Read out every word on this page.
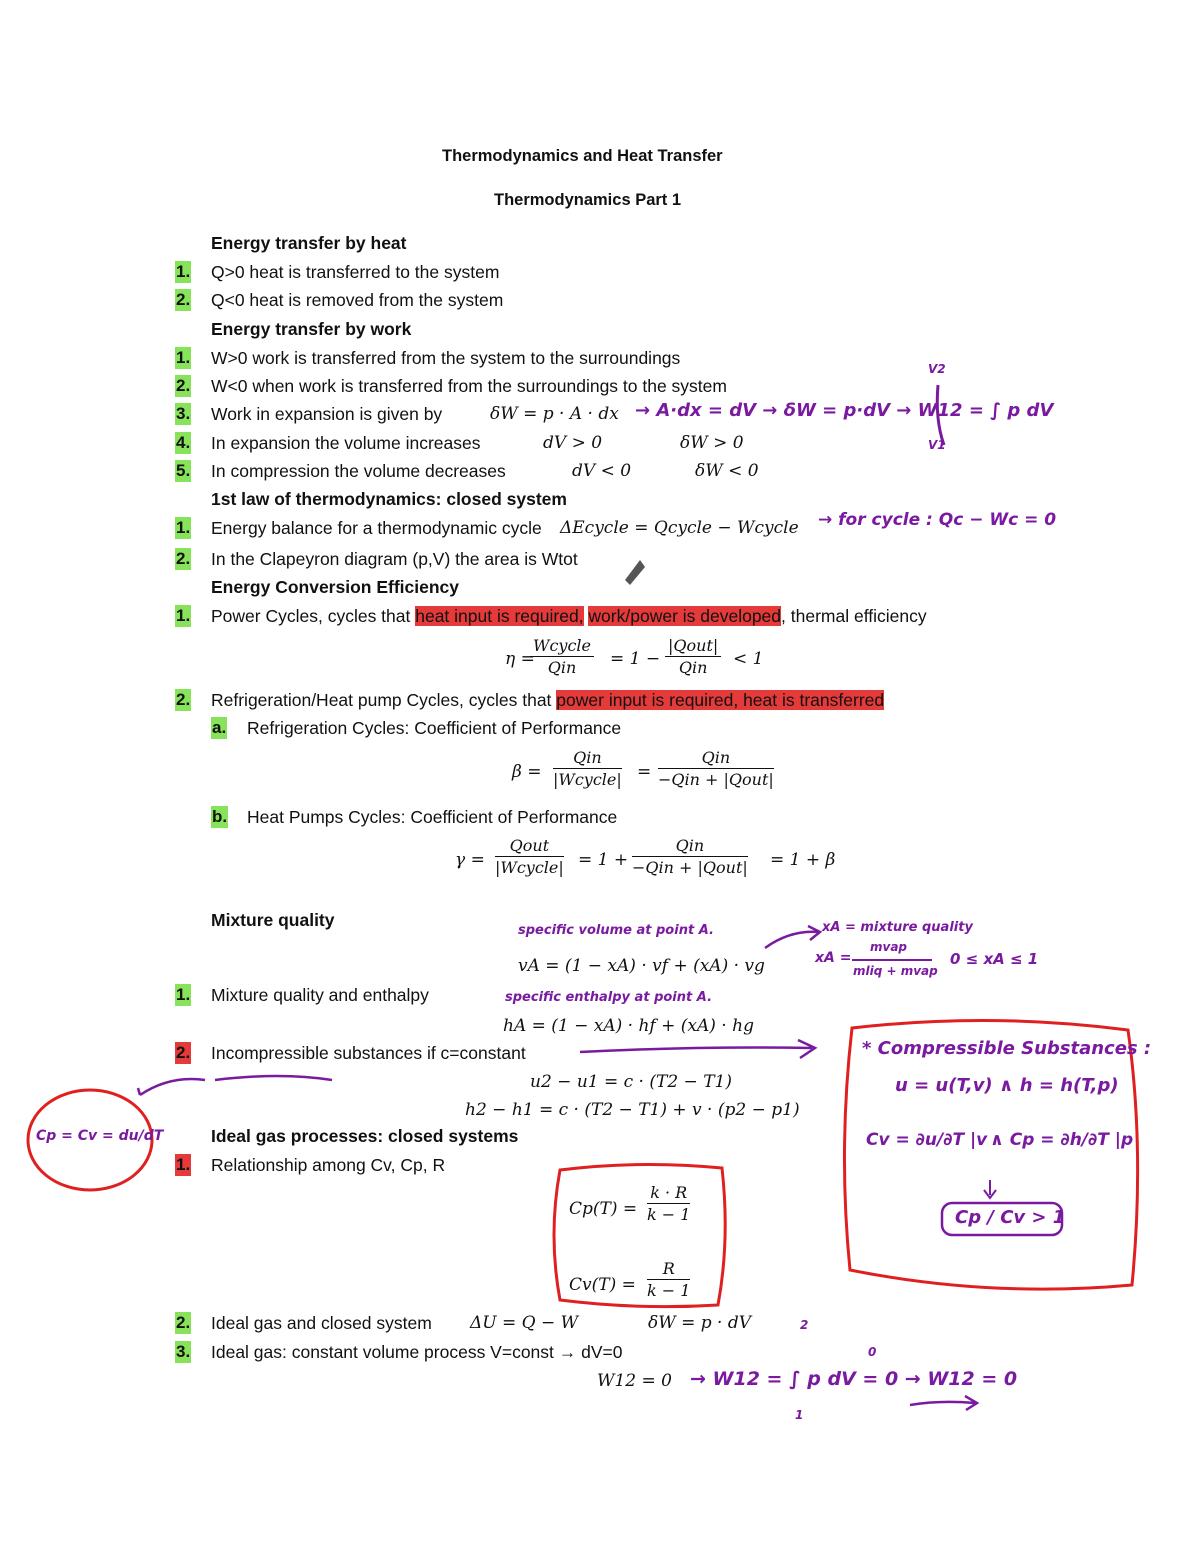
Thermodynamics and Heat Transfer
Thermodynamics Part 1
Energy transfer by heat
1. Q>0 heat is transferred to the system
2. Q<0 heat is removed from the system
Energy transfer by work
1. W>0 work is transferred from the system to the surroundings
2. W<0 when work is transferred from the surroundings to the system
3. Work in expansion is given by	δW = p · A · dx
4. In expansion the volume increases	dV > 0	δW > 0
5. In compression the volume decreases	dV < 0	δW < 0
1st law of thermodynamics: closed system
1. Energy balance for a thermodynamic cycle ΔEcycle = Qcycle − Wcycle
2. In the Clapeyron diagram (p,V) the area is Wtot
Energy Conversion Efficiency
1. Power Cycles, cycles that heat input is required, work/power is developed, thermal efficiency
η =
Wcycle
Qin	= 1 −
|Qout|
Qin	< 1
2. Refrigeration/Heat pump Cycles, cycles that power input is required, heat is transferred
a. Refrigeration Cycles: Coefficient of Performance
β =
Qin
|Wcycle| =
Qin
−Qin + |Qout|
b. Heat Pumps Cycles: Coefficient of Performance
γ =
Qout
|Wcycle| = 1 +
Qin
−Qin + |Qout| = 1 + β
Mixture quality
vA = (1 − xA) · vf + (xA) · vg
1. Mixture quality and enthalpy
hA = (1 − xA) · hf + (xA) · hg
2. Incompressible substances if c=constant
u2 − u1 = c · (T2 − T1)
h2 − h1 = c · (T2 − T1) + v · (p2 − p1)
Ideal gas processes: closed systems
1. Relationship among Cv, Cp, R
$Cp(T) = \frac{k \cdot R}{k - 1}$
$Cv(T) = \frac{R}{k - 1}$
2. Ideal gas and closed system ΔU = Q − W	δW = p · dV
3. Ideal gas: constant volume process V=const → dV=0
W12 = 0
→ A·dx = dV → δW = p·dV → W12 = ∫ p dV
V2
V1
→ for cycle : Qc − Wc = 0
specific volume at point A.	xA = mixture quality
xA =
mvap
mliq + mvap
0 ≤ xA ≤ 1
specific enthalpy at point A.
* Compressible Substances :
u = u(T,v) ∧ h = h(T,p)
Cv = ∂u/∂T |v ∧ Cp = ∂h/∂T |p
Cp / Cv > 1
Cp = Cv = du/dT
→ W12 = ∫ p dV = 0 → W12 = 0
2
1
0
